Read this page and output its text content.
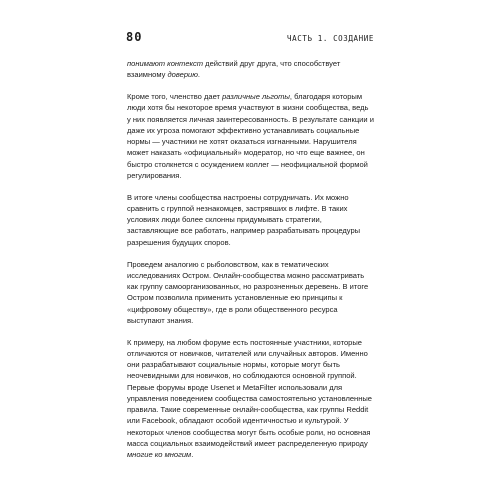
80	ЧАСТЬ 1. СОЗДАНИЕ

понимают контекст действий друг друга, что способствует взаимному доверию.

Кроме того, членство дает различные льготы, благодаря которым люди хотя бы некоторое время участвуют в жизни сообщества, ведь у них появляется личная заинтересованность. В результате санкции и даже их угроза помогают эффективно устанавливать социальные нормы — участники не хотят оказаться изгнанными. Нарушителя может наказать «официальный» модератор, но что еще важнее, он быстро столкнется с осуждением коллег — неофициальной формой регулирования.

В итоге члены сообщества настроены сотрудничать. Их можно сравнить с группой незнакомцев, застрявших в лифте. В таких условиях люди более склонны придумывать стратегии, заставляющие все работать, например разрабатывать процедуры разрешения будущих споров.

Проведем аналогию с рыболовством, как в тематических исследованиях Остром. Онлайн-сообщества можно рассматривать как группу самоорганизованных, но разрозненных деревень. В итоге Остром позволила применить установленные ею принципы к «цифровому обществу», где в роли общественного ресурса выступают знания.

К примеру, на любом форуме есть постоянные участники, которые отличаются от новичков, читателей или случайных авторов. Именно они разрабатывают социальные нормы, которые могут быть неочевидными для новичков, но соблюдаются основной группой. Первые форумы вроде Usenet и MetaFilter использовали для управления поведением сообщества самостоятельно установленные правила. Такие современные онлайн-сообщества, как группы Reddit или Facebook, обладают особой идентичностью и культурой. У некоторых членов сообщества могут быть особые роли, но основная масса социальных взаимодействий имеет распределенную природу многие ко многим.
